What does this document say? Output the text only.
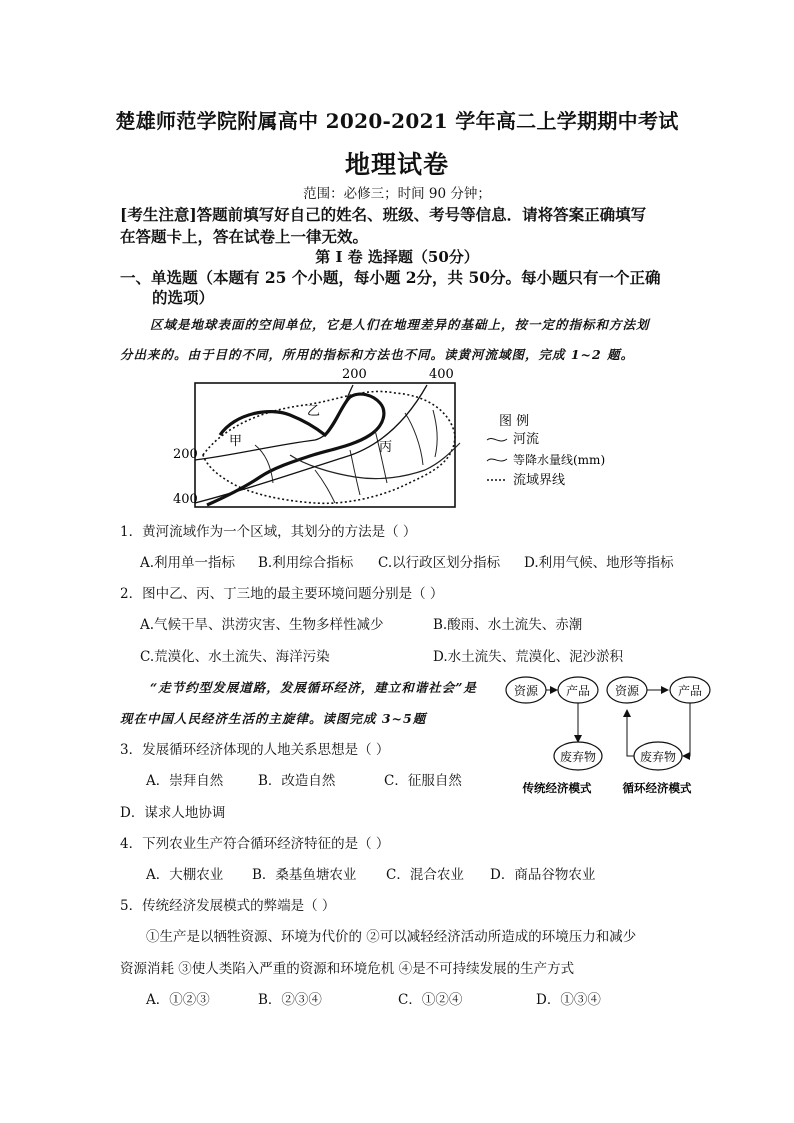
楚雄师范学院附属高中 2020-2021 学年高二上学期期中考试
地理试卷
范围：必修三；时间 90 分钟；
[考生注意]答题前填写好自己的姓名、班级、考号等信息．请将答案正确填写
在答题卡上，答在试卷上一律无效。
第 I 卷 选择题（50分）
一、单选题（本题有 25 个小题，每小题 2分，共 50分。每小题只有一个正确
的选项）
区域是地球表面的空间单位，它是人们在地理差异的基础上，按一定的指标和方法划
分出来的。由于目的不同，所用的指标和方法也不同。读黄河流域图，完成 1~2 题。
200	400
200
400
乙
甲	丙
图 例
河流
等降水量线(mm)
流域界线
1．黄河流域作为一个区域，其划分的方法是（ ）
A.利用单一指标 B.利用综合指标 C.以行政区划分指标 D.利用气候、地形等指标
2．图中乙、丙、丁三地的最主要环境问题分别是（ ）
A.气候干旱、洪涝灾害、生物多样性减少	B.酸雨、水土流失、赤潮
C.荒漠化、水土流失、海洋污染	D.水土流失、荒漠化、泥沙淤积
“走节约型发展道路，发展循环经济，建立和谐社会”是
现在中国人民经济生活的主旋律。读图完成 3~5题
资源 产品
废弃物
传统经济模式
资源	产品
废弃物
循环经济模式
3．发展循环经济体现的人地关系思想是（ ）
A．崇拜自然	B．改造自然	C．征服自然
D．谋求人地协调
4．下列农业生产符合循环经济特征的是（ ）
A．大棚农业 B．桑基鱼塘农业 C．混合农业 D．商品谷物农业
5．传统经济发展模式的弊端是（ ）
①生产是以牺牲资源、环境为代价的 ②可以减轻经济活动所造成的环境压力和减少
资源消耗 ③使人类陷入严重的资源和环境危机 ④是不可持续发展的生产方式
A．①②③	B．②③④	C．①②④	D．①③④
